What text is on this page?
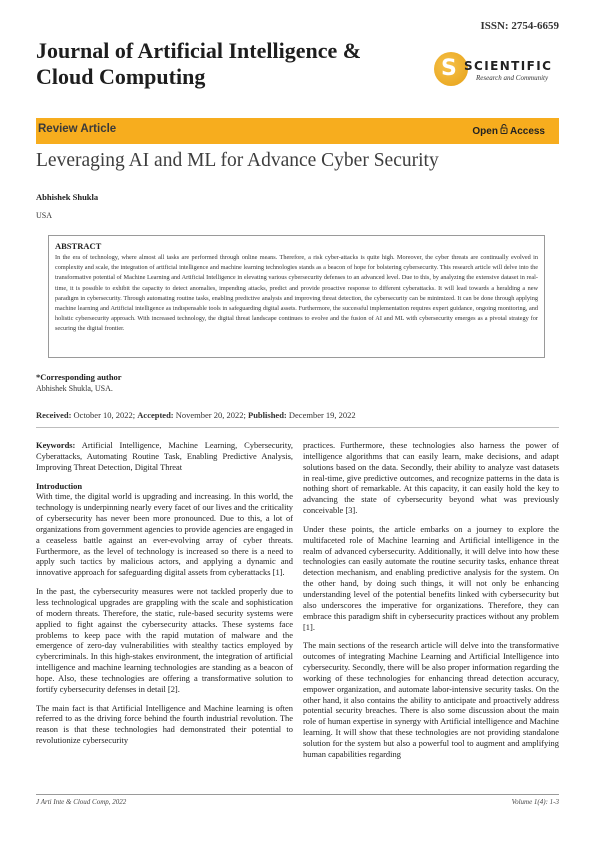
ISSN: 2754-6659
Journal of Artificial Intelligence & Cloud Computing	S SCIENTIFIC
Research and Community
Review Article	Open Access
Leveraging AI and ML for Advance Cyber Security
Abhishek Shukla
USA
ABSTRACT

In the era of technology, where almost all tasks are performed through online means. Therefore, a risk cyber-attacks is quite high. Moreover, the cyber threats are continually evolved in complexity and scale, the integration of artificial intelligence and machine learning technologies stands as a beacon of hope for bolstering cybersecurity. This research article will delve into the transformative potential of Machine Learning and Artificial Intelligence in elevating various cybersecurity defenses to an advanced level. Due to this, by analyzing the extensive dataset in real-time, it is possible to exhibit the capacity to detect anomalies, impending attacks, predict and provide proactive response to different cyberattacks. It will lead towards a heralding a new paradigm in cybersecurity. Through automating routine tasks, enabling predictive analysis and improving threat detection, the cybersecurity can be minimized. It can be done through applying machine learning and Artificial intelligence as indispensable tools in safeguarding digital assets. Furthermore, the successful implementation requires expert guidance, ongoing monitoring, and holistic cybersecurity approach. With increased technology, the digital threat landscape continues to evolve and the fusion of AI and ML with cybersecurity emerges as a pivotal strategy for securing the digital frontier.

*Corresponding author
Abhishek Shukla, USA.
Received: October 10, 2022; Accepted: November 20, 2022; Published: December 19, 2022

Keywords: Artificial Intelligence, Machine Learning, Cybersecurity, Cyberattacks, Automating Routine Task, Enabling Predictive Analysis, Improving Threat Detection, Digital Threat

Introduction

With time, the digital world is upgrading and increasing. In this world, the technology is underpinning nearly every facet of our lives and the criticality of cybersecurity has never been more pronounced. Due to this, a lot of organizations from government agencies to provide agencies are engaged in a ceaseless battle against an ever-evolving array of cyber threats. Furthermore, as the level of technology is increased so there is a need to apply such tactics by malicious actors, and applying a dynamic and innovative approach for safeguarding digital assets from cyberattacks [1].

In the past, the cybersecurity measures were not tackled properly due to less technological upgrades are grappling with the scale and sophistication of modern threats. Therefore, the static, rule-based security systems were applied to fight against the cybersecurity attacks. These systems face problems to keep pace with the rapid mutation of malware and the emergence of zero-day vulnerabilities with stealthy tactics employed by cybercriminals. In this high-stakes environment, the integration of artificial intelligence and machine learning technologies are standing as a beacon of hope. Also, these technologies are offering a transformative solution to fortify cybersecurity defenses in detail [2].

The main fact is that Artificial Intelligence and Machine learning is often referred to as the driving force behind the fourth industrial revolution. The reason is that these technologies had demonstrated their potential to revolutionize cybersecurity

practices. Furthermore, these technologies also harness the power of intelligence algorithms that can easily learn, make decisions, and adapt solutions based on the data. Secondly, their ability to analyze vast datasets in real-time, give predictive outcomes, and recognize patterns in the data is nothing short of remarkable. At this capacity, it can easily hold the key to advancing the state of cybersecurity beyond what was previously conceivable [3].

Under these points, the article embarks on a journey to explore the multifaceted role of Machine learning and Artificial intelligence in the realm of advanced cybersecurity. Additionally, it will delve into how these technologies can easily automate the routine security tasks, enhance threat detection mechanism, and enabling predictive analysis for the system. On the other hand, by doing such things, it will not only be enhancing understanding level of the potential benefits linked with cybersecurity but also underscores the imperative for organizations. Therefore, they can embrace this paradigm shift in cybersecurity practices without any problem [1].

The main sections of the research article will delve into the transformative outcomes of integrating Machine Learning and Artificial Intelligence into cybersecurity. Secondly, there will be also proper information regarding the working of these technologies for enhancing thread detection accuracy, empower organization, and automate labor-intensive security tasks. On the other hand, it also contains the ability to anticipate and proactively address potential security breaches. There is also some discussion about the main role of human expertise in synergy with Artificial intelligence and Machine learning. It will show that these technologies are not providing standalone solution for the system but also a powerful tool to augment and amplifying human capabilities regarding

J Arti Inte & Cloud Comp, 2022	Volume 1(4): 1-3
